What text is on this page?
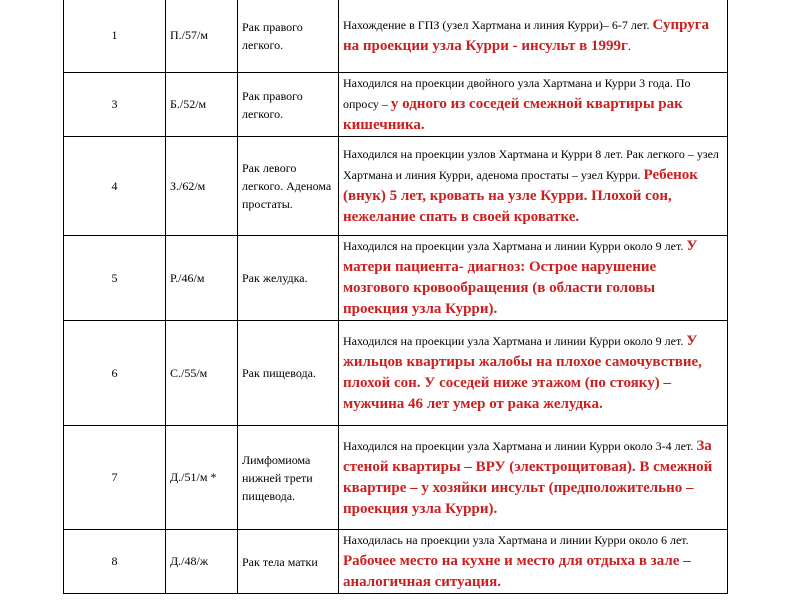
1	П./57/м	Рак правого легкого.	Нахождение в ГПЗ (узел Хартмана и линия Курри)– 6-7 лет. Супруга на проекции узла Курри - инсульт в 1999г.
3	Б./52/м	Рак правого легкого.	Находился на проекции двойного узла Хартмана и Курри 3 года. По опросу – у одного из соседей смежной квартиры рак кишечника.
4	З./62/м	Рак левого легкого. Аденома простаты.	Находился на проекции узлов Хартмана и Курри 8 лет. Рак легкого – узел Хартмана и линия Курри, аденома простаты – узел Курри. Ребенок (внук) 5 лет, кровать на узле Курри. Плохой сон, нежелание спать в своей кроватке.
5	Р./46/м	Рак желудка.	Находился на проекции узла Хартмана и линии Курри около 9 лет. У матери пациента- диагноз: Острое нарушение мозгового кровообращения (в области головы проекция узла Курри).
6	С./55/м	Рак пищевода.	Находился на проекции узла Хартмана и линии Курри около 9 лет. У жильцов квартиры жалобы на плохое самочувствие, плохой сон. У соседей ниже этажом (по стояку) – мужчина 46 лет умер от рака желудка.
7	Д./51/м *	Лимфомиома нижней трети пищевода.	Находился на проекции узла Хартмана и линии Курри около 3-4 лет. За стеной квартиры – ВРУ (электрощитовая). В смежной квартире – у хозяйки инсульт (предположительно – проекция узла Курри).
8	Д./48/ж	Рак тела матки	Находилась на проекции узла Хартмана и линии Курри около 6 лет. Рабочее место на кухне и место для отдыха в зале – аналогичная ситуация.
